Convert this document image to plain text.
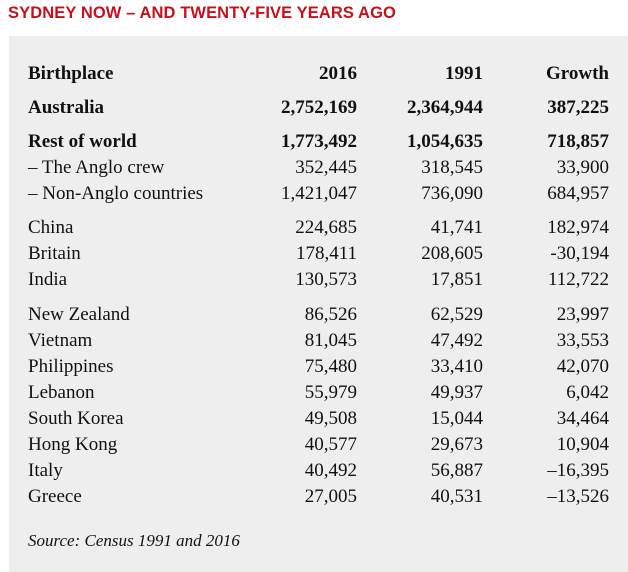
SYDNEY NOW – AND TWENTY-FIVE YEARS AGO
Birthplace	2016	1991	Growth
Australia	2,752,169	2,364,944	387,225
Rest of world	1,773,492	1,054,635	718,857
– The Anglo crew	352,445	318,545	33,900
– Non-Anglo countries	1,421,047	736,090	684,957
China	224,685	41,741	182,974
Britain	178,411	208,605	-30,194
India	130,573	17,851	112,722
New Zealand	86,526	62,529	23,997
Vietnam	81,045	47,492	33,553
Philippines	75,480	33,410	42,070
Lebanon	55,979	49,937	6,042
South Korea	49,508	15,044	34,464
Hong Kong	40,577	29,673	10,904
Italy	40,492	56,887	–16,395
Greece	27,005	40,531	–13,526
Source: Census 1991 and 2016
